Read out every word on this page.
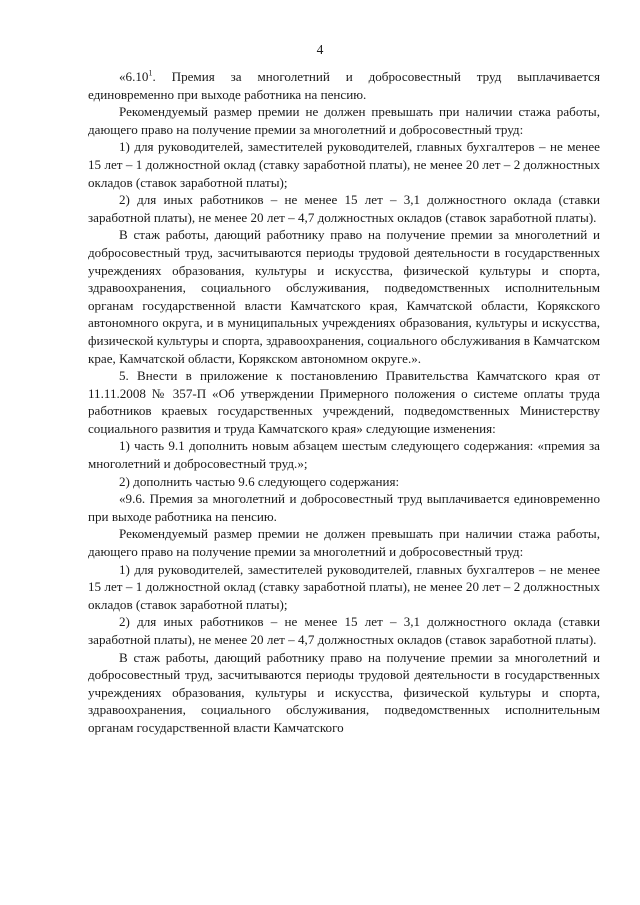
4

«6.10$^1$. Премия за многолетний и добросовестный труд выплачивается единовременно при выходе работника на пенсию.

Рекомендуемый размер премии не должен превышать при наличии стажа работы, дающего право на получение премии за многолетний и добросовестный труд:

1) для руководителей, заместителей руководителей, главных бухгалтеров – не менее 15 лет – 1 должностной оклад (ставку заработной платы), не менее 20 лет – 2 должностных окладов (ставок заработной платы);

2) для иных работников – не менее 15 лет – 3,1 должностного оклада (ставки заработной платы), не менее 20 лет – 4,7 должностных окладов (ставок заработной платы).

В стаж работы, дающий работнику право на получение премии за многолетний и добросовестный труд, засчитываются периоды трудовой деятельности в государственных учреждениях образования, культуры и искусства, физической культуры и спорта, здравоохранения, социального обслуживания, подведомственных исполнительным органам государственной власти Камчатского края, Камчатской области, Корякского автономного округа, и в муниципальных учреждениях образования, культуры и искусства, физической культуры и спорта, здравоохранения, социального обслуживания в Камчатском крае, Камчатской области, Корякском автономном округе.».

5. Внести в приложение к постановлению Правительства Камчатского края от 11.11.2008 № 357-П «Об утверждении Примерного положения о системе оплаты труда работников краевых государственных учреждений, подведомственных Министерству социального развития и труда Камчатского края» следующие изменения:

1) часть 9.1 дополнить новым абзацем шестым следующего содержания: «премия за многолетний и добросовестный труд.»;

2) дополнить частью 9.6 следующего содержания:

«9.6. Премия за многолетний и добросовестный труд выплачивается единовременно при выходе работника на пенсию.

Рекомендуемый размер премии не должен превышать при наличии стажа работы, дающего право на получение премии за многолетний и добросовестный труд:

1) для руководителей, заместителей руководителей, главных бухгалтеров – не менее 15 лет – 1 должностной оклад (ставку заработной платы), не менее 20 лет – 2 должностных окладов (ставок заработной платы);

2) для иных работников – не менее 15 лет – 3,1 должностного оклада (ставки заработной платы), не менее 20 лет – 4,7 должностных окладов (ставок заработной платы).

В стаж работы, дающий работнику право на получение премии за многолетний и добросовестный труд, засчитываются периоды трудовой деятельности в государственных учреждениях образования, культуры и искусства, физической культуры и спорта, здравоохранения, социального обслуживания, подведомственных исполнительным органам государственной власти Камчатского
